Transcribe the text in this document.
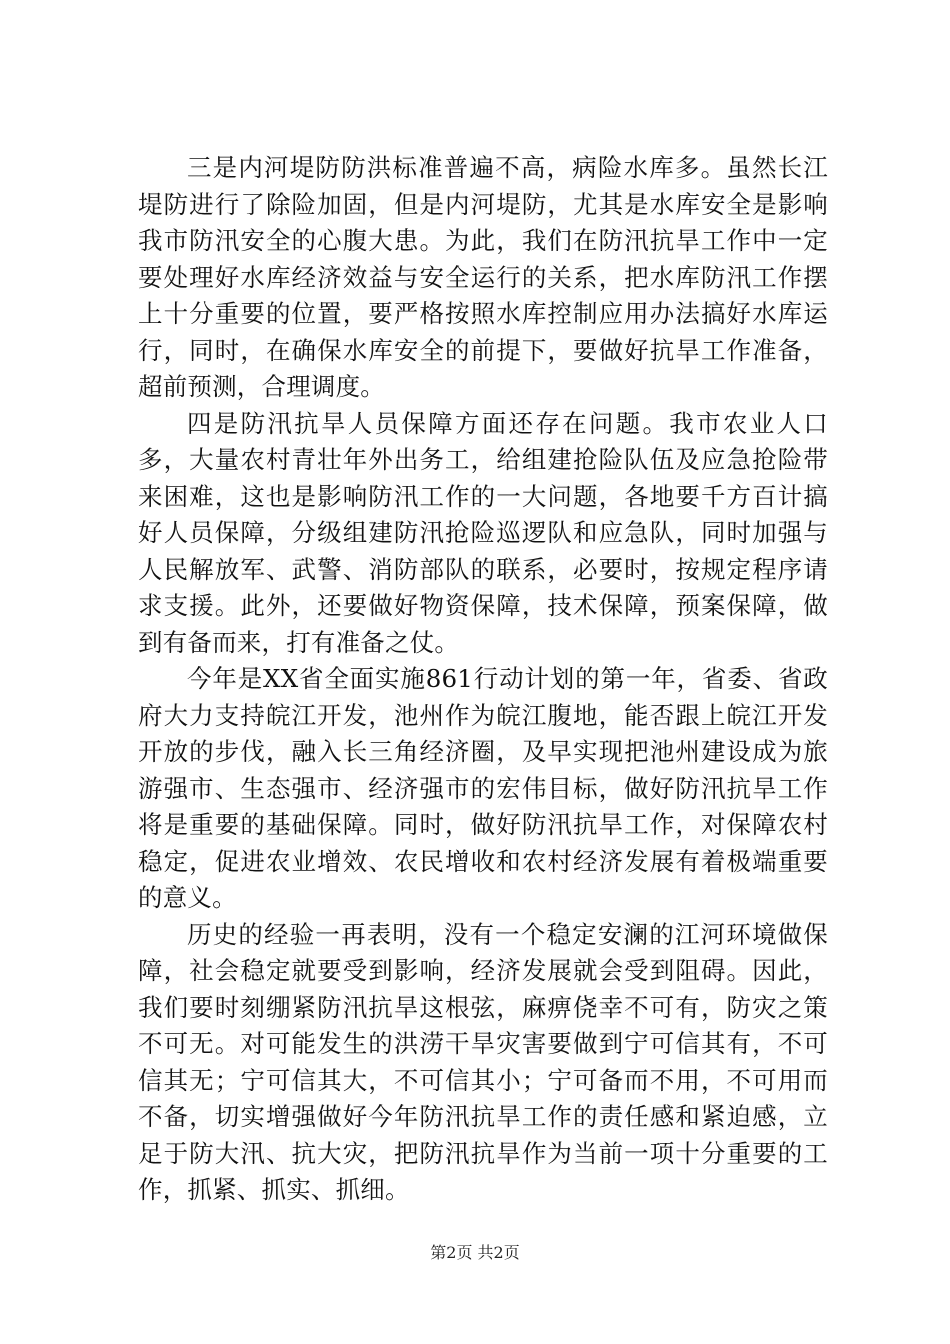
三是内河堤防防洪标准普遍不高，病险水库多。虽然长江堤防进行了除险加固，但是内河堤防，尤其是水库安全是影响我市防汛安全的心腹大患。为此，我们在防汛抗旱工作中一定要处理好水库经济效益与安全运行的关系，把水库防汛工作摆上十分重要的位置，要严格按照水库控制应用办法搞好水库运行，同时，在确保水库安全的前提下，要做好抗旱工作准备，超前预测，合理调度。

四是防汛抗旱人员保障方面还存在问题。我市农业人口多，大量农村青壮年外出务工，给组建抢险队伍及应急抢险带来困难，这也是影响防汛工作的一大问题，各地要千方百计搞好人员保障，分级组建防汛抢险巡逻队和应急队，同时加强与人民解放军、武警、消防部队的联系，必要时，按规定程序请求支援。此外，还要做好物资保障，技术保障，预案保障，做到有备而来，打有准备之仗。

今年是XX省全面实施861行动计划的第一年，省委、省政府大力支持皖江开发，池州作为皖江腹地，能否跟上皖江开发开放的步伐，融入长三角经济圈，及早实现把池州建设成为旅游强市、生态强市、经济强市的宏伟目标，做好防汛抗旱工作将是重要的基础保障。同时，做好防汛抗旱工作，对保障农村稳定，促进农业增效、农民增收和农村经济发展有着极端重要的意义。

历史的经验一再表明，没有一个稳定安澜的江河环境做保障，社会稳定就要受到影响，经济发展就会受到阻碍。因此，我们要时刻绷紧防汛抗旱这根弦，麻痹侥幸不可有，防灾之策不可无。对可能发生的洪涝干旱灾害要做到宁可信其有，不可信其无；宁可信其大，不可信其小；宁可备而不用，不可用而不备，切实增强做好今年防汛抗旱工作的责任感和紧迫感，立足于防大汛、抗大灾，把防汛抗旱作为当前一项十分重要的工作，抓紧、抓实、抓细。

第2页 共2页
